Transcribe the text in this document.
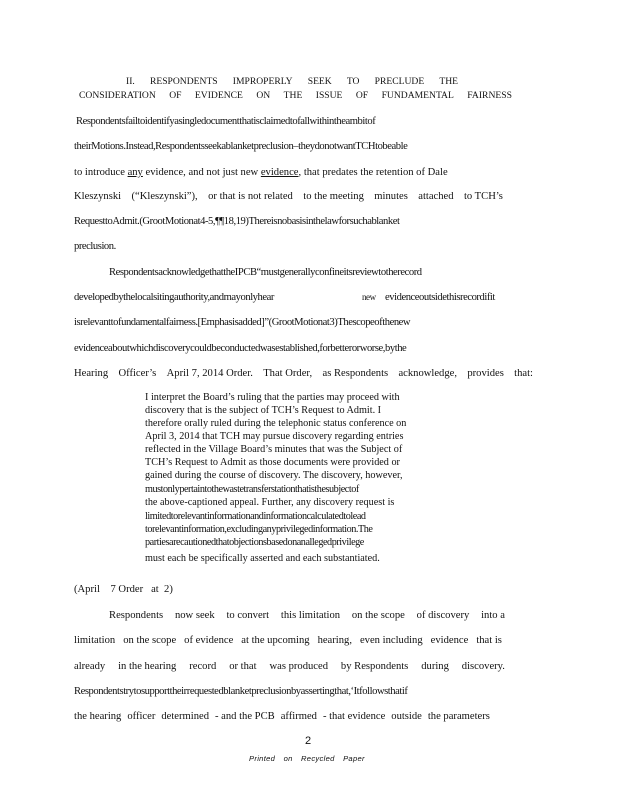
II. RESPONDENTS IMPROPERLY SEEK TO PRECLUDE THE
CONSIDERATION OF EVIDENCE ON THE ISSUE OF FUNDAMENTAL FAIRNESS
Respondentsfailtoidentifyasingledocumentthatisclaimedtofallwithintheambitof
theirMotions.Instead,Respondentsseekablanketpreclusion–theydonotwantTCHtobeable
to introduce any evidence, and not just new evidence, that predates the retention of Dale
Kleszynski (“Kleszynski”), or that is not related to the meeting minutes attached to TCH’s
RequesttoAdmit.(GrootMotionat4-5,¶¶18,19)Thereisnobasisinthelawforsuchablanket
preclusion.
RespondentsacknowledgethattheIPCB“mustgenerallyconfineitsreviewtotherecord
developedbythelocalsitingauthority,andmayonlyhear	new evidenceoutsidethisrecordifit
isrelevanttofundamentalfairness.[Emphasisadded]”(GrootMotionat3)Thescopeofthenew
evidenceaboutwhichdiscoverycouldbeconductedwasestablished,forbetterorworse,bythe
Hearing Officer’s April 7, 2014 Order. That Order, as Respondents acknowledge, provides that:
I interpret the Board’s ruling that the parties may proceed with
discovery that is the subject of TCH’s Request to Admit. I
therefore orally ruled during the telephonic status conference on
April 3, 2014 that TCH may pursue discovery regarding entries
reflected in the Village Board’s minutes that was the Subject of
TCH’s Request to Admit as those documents were provided or
gained during the course of discovery. The discovery, however,
mustonlypertaintothewastetransferstationthatisthesubjectof
the above-captioned appeal. Further, any discovery request is
limitedtorelevantinformationandinformationcalculatedtolead
torelevantinformation,excludinganyprivilegedinformation.The
partiesarecautionedthatobjectionsbasedonanallegedprivilege
must each be specifically asserted and each substantiated.
(April    7 Order   at  2)
Respondents now seek to convert this limitation on the scope of discovery into a
limitation on the scope of evidence at the upcoming hearing, even including evidence that is
already in the hearing record or that was produced by Respondents during discovery.
Respondentstrytosupporttheirrequestedblanketpreclusionbyassertingthat,‘Itfollowsthatif
the hearing officer determined - and the PCB affirmed - that evidence outside the parameters
2
Printed on Recycled Paper
